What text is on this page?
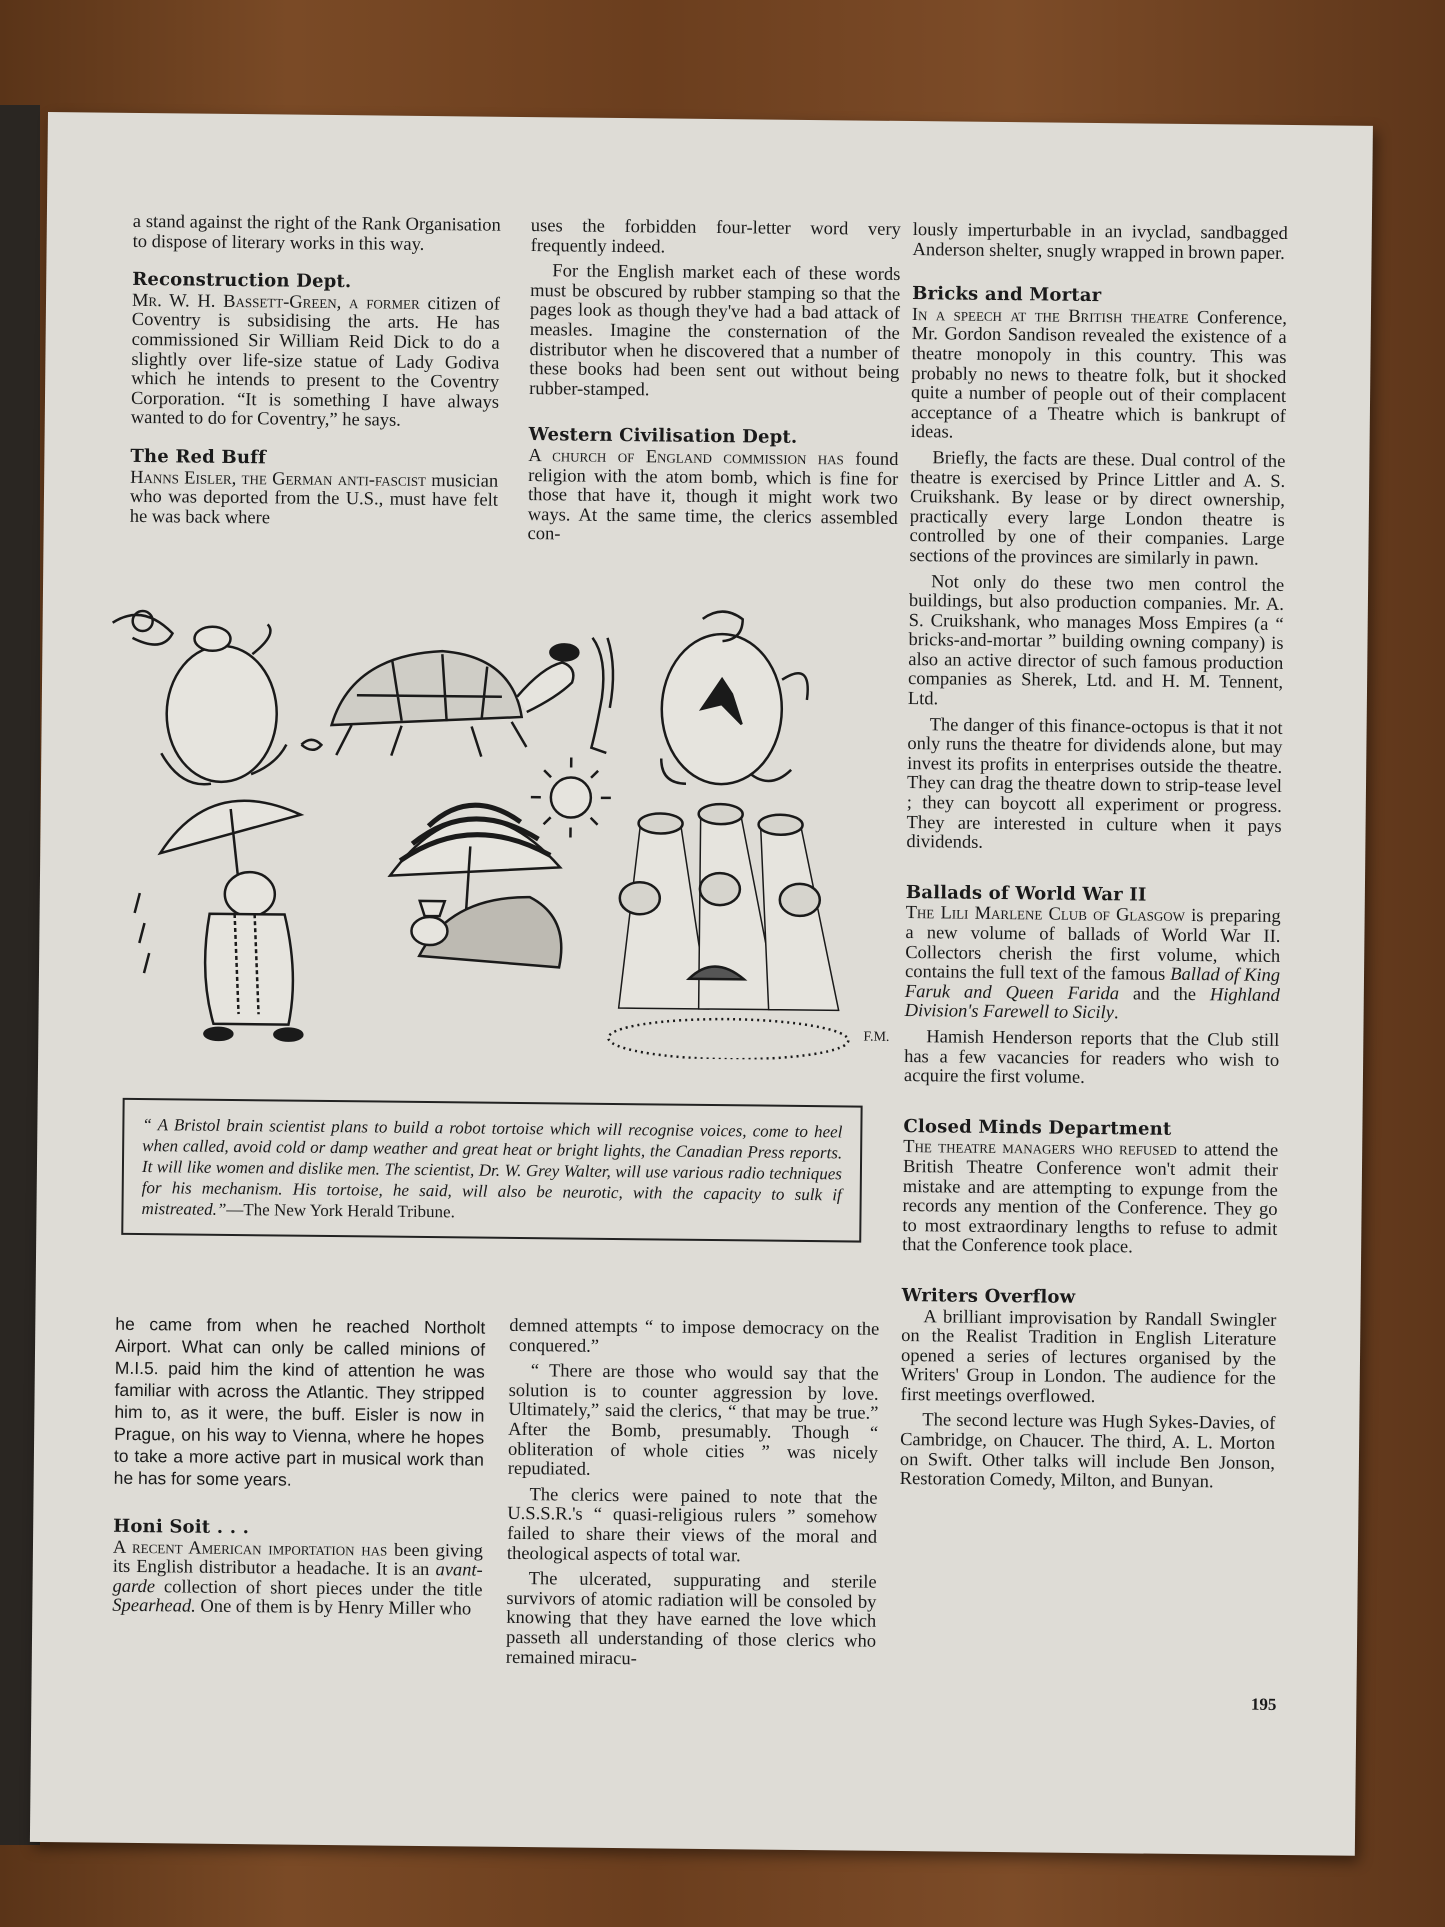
a stand against the right of the Rank Organisation to dispose of literary works in this way.

Reconstruction Dept.

Mr. W. H. Bassett-Green, a former citizen of Coventry is subsidising the arts. He has commissioned Sir William Reid Dick to do a slightly over life-size statue of Lady Godiva which he intends to present to the Coventry Corporation. “It is something I have always wanted to do for Coventry,” he says.

The Red Buff

Hanns Eisler, the German anti-fascist musician who was deported from the U.S., must have felt he was back where

uses the forbidden four-letter word very frequently indeed.

For the English market each of these words must be obscured by rubber stamping so that the pages look as though they've had a bad attack of measles. Imagine the consternation of the distributor when he discovered that a number of these books had been sent out without being rubber-stamped.

Western Civilisation Dept.

A church of England commission has found religion with the atom bomb, which is fine for those that have it, though it might work two ways. At the same time, the clerics assembled con-

lously imperturbable in an ivyclad, sandbagged Anderson shelter, snugly wrapped in brown paper.

Bricks and Mortar

In a speech at the British theatre Conference, Mr. Gordon Sandison revealed the existence of a theatre monopoly in this country. This was probably no news to theatre folk, but it shocked quite a number of people out of their complacent acceptance of a Theatre which is bankrupt of ideas.

Briefly, the facts are these. Dual control of the theatre is exercised by Prince Littler and A. S. Cruikshank. By lease or by direct ownership, practically every large London theatre is controlled by one of their companies. Large sections of the provinces are similarly in pawn.

Not only do these two men control the buildings, but also production companies. Mr. A. S. Cruikshank, who manages Moss Empires (a “ bricks-and-mortar ” building owning company) is also an active director of such famous production companies as Sherek, Ltd. and H. M. Tennent, Ltd.

The danger of this finance-octopus is that it not only runs the theatre for dividends alone, but may invest its profits in enterprises outside the theatre. They can drag the theatre down to strip-tease level ; they can boycott all experiment or progress. They are interested in culture when it pays dividends.

Ballads of World War II

The Lili Marlene Club of Glasgow is preparing a new volume of ballads of World War II. Collectors cherish the first volume, which contains the full text of the famous Ballad of King Faruk and Queen Farida and the Highland Division's Farewell to Sicily.

Hamish Henderson reports that the Club still has a few vacancies for readers who wish to acquire the first volume.

Closed Minds Department

The theatre managers who refused to attend the British Theatre Conference won't admit their mistake and are attempting to expunge from the records any mention of the Conference. They go to most extraordinary lengths to refuse to admit that the Conference took place.

Writers Overflow

A brilliant improvisation by Randall Swingler on the Realist Tradition in English Literature opened a series of lectures organised by the Writers' Group in London. The audience for the first meetings overflowed.

The second lecture was Hugh Sykes-Davies, of Cambridge, on Chaucer. The third, A. L. Morton on Swift. Other talks will include Ben Jonson, Restoration Comedy, Milton, and Bunyan.

F.M.
“ A Bristol brain scientist plans to build a robot tortoise which will recognise voices, come to heel when called, avoid cold or damp weather and great heat or bright lights, the Canadian Press reports. It will like women and dislike men. The scientist, Dr. W. Grey Walter, will use various radio techniques for his mechanism. His tortoise, he said, will also be neurotic, with the capacity to sulk if mistreated.”—The New York Herald Tribune.

he came from when he reached Northolt Airport. What can only be called minions of M.I.5. paid him the kind of attention he was familiar with across the Atlantic. They stripped him to, as it were, the buff. Eisler is now in Prague, on his way to Vienna, where he hopes to take a more active part in musical work than he has for some years.

Honi Soit . . .

A recent American importation has been giving its English distributor a headache. It is an avant-garde collection of short pieces under the title Spearhead. One of them is by Henry Miller who

demned attempts “ to impose democracy on the conquered.”

“ There are those who would say that the solution is to counter aggression by love. Ultimately,” said the clerics, “ that may be true.” After the Bomb, presumably. Though “ obliteration of whole cities ” was nicely repudiated.

The clerics were pained to note that the U.S.S.R.'s “ quasi-religious rulers ” somehow failed to share their views of the moral and theological aspects of total war.

The ulcerated, suppurating and sterile survivors of atomic radiation will be consoled by knowing that they have earned the love which passeth all understanding of those clerics who remained miracu-

195
